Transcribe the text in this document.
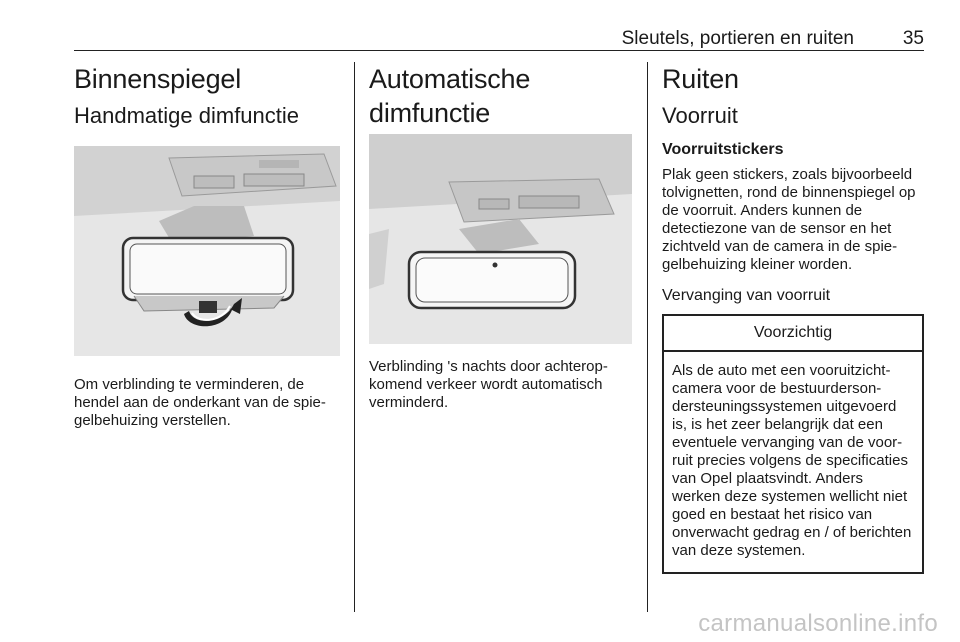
Sleutels, portieren en ruiten	35
Binnenspiegel
Handmatige dimfunctie

Om verblinding te verminderen, de hendel aan de onderkant van de spiegelbehuizing verstellen.

Automatische dimfunctie

Verblinding 's nachts door achteropkomend verkeer wordt automatisch verminderd.

Ruiten
Voorruit
Voorruitstickers

Plak geen stickers, zoals bijvoorbeeld tolvignetten, rond de binnenspiegel op de voorruit. Anders kunnen de detectiezone van de sensor en het zichtveld van de camera in de spiegelbehuizing kleiner worden.

Vervanging van voorruit
Voorzichtig
Als de auto met een vooruitzichtcamera voor de bestuurdersondersteuningssystemen uitgevoerd is, is het zeer belangrijk dat een eventuele vervanging van de voorruit precies volgens de specificaties van Opel plaatsvindt. Anders werken deze systemen wellicht niet goed en bestaat het risico van onverwacht gedrag en / of berichten van deze systemen.
carmanualsonline.info
